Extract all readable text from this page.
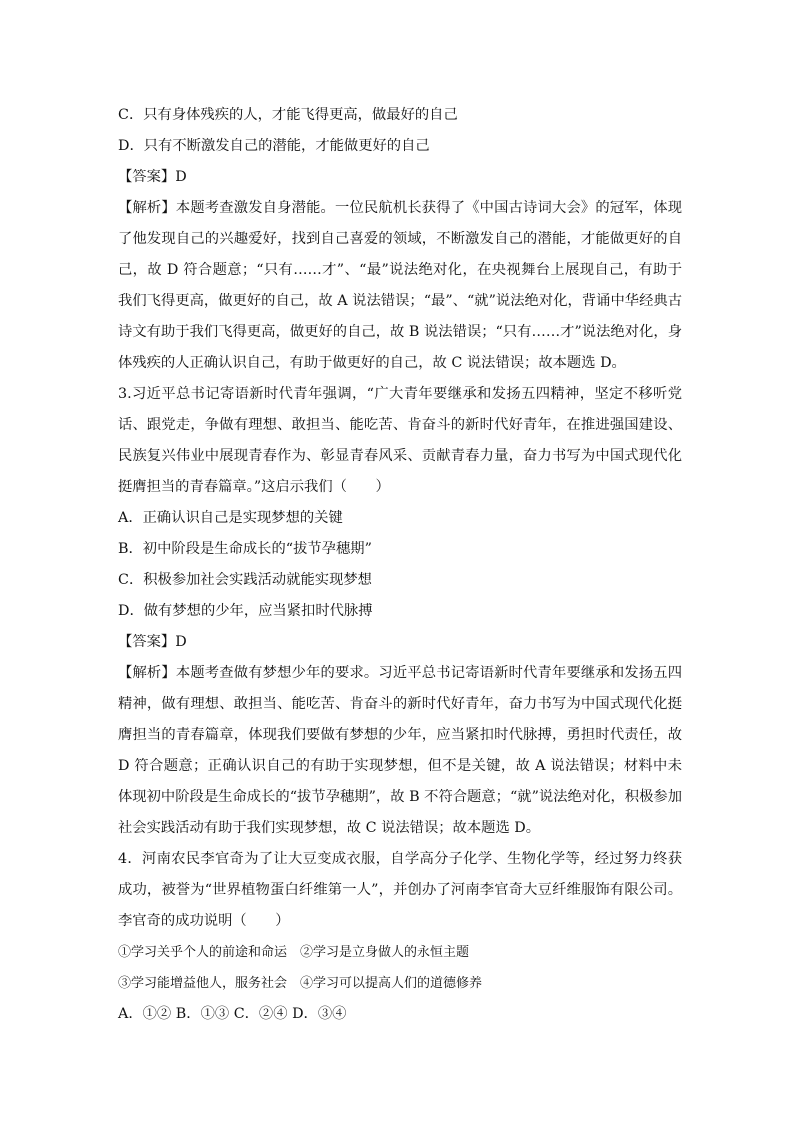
C．只有身体残疾的人，才能飞得更高，做最好的自己
D．只有不断激发自己的潜能，才能做更好的自己
【答案】D

【解析】本题考查激发自身潜能。一位民航机长获得了《中国古诗词大会》的冠军，体现了他发现自己的兴趣爱好，找到自己喜爱的领域，不断激发自己的潜能，才能做更好的自己，故 D 符合题意；“只有……才”、“最”说法绝对化，在央视舞台上展现自己，有助于我们飞得更高，做更好的自己，故 A 说法错误；“最”、“就”说法绝对化，背诵中华经典古诗文有助于我们飞得更高，做更好的自己，故 B 说法错误；“只有……才”说法绝对化，身体残疾的人正确认识自己，有助于做更好的自己，故 C 说法错误；故本题选 D。

3.习近平总书记寄语新时代青年强调，“广大青年要继承和发扬五四精神，坚定不移听党话、跟党走，争做有理想、敢担当、能吃苦、肯奋斗的新时代好青年，在推进强国建设、民族复兴伟业中展现青春作为、彰显青春风采、贡献青春力量，奋力书写为中国式现代化挺膺担当的青春篇章。”这启示我们（　　）

A．正确认识自己是实现梦想的关键
B．初中阶段是生命成长的“拔节孕穗期”
C．积极参加社会实践活动就能实现梦想
D．做有梦想的少年，应当紧扣时代脉搏
【答案】D

【解析】本题考查做有梦想少年的要求。习近平总书记寄语新时代青年要继承和发扬五四精神，做有理想、敢担当、能吃苦、肯奋斗的新时代好青年，奋力书写为中国式现代化挺膺担当的青春篇章，体现我们要做有梦想的少年，应当紧扣时代脉搏，勇担时代责任，故 D 符合题意；正确认识自己的有助于实现梦想，但不是关键，故 A 说法错误；材料中未体现初中阶段是生命成长的“拔节孕穗期”，故 B 不符合题意；“就”说法绝对化，积极参加社会实践活动有助于我们实现梦想，故 C 说法错误；故本题选 D。

4．河南农民李官奇为了让大豆变成衣服，自学高分子化学、生物化学等，经过努力终获成功，被誉为“世界植物蛋白纤维第一人”，并创办了河南李官奇大豆纤维服饰有限公司。李官奇的成功说明（　　）

①学习关乎个人的前途和命运　 ②学习是立身做人的永恒主题
③学习能增益他人，服务社会　 ④学习可以提高人们的道德修养
A．①② B．①③ C．②④ D．③④
